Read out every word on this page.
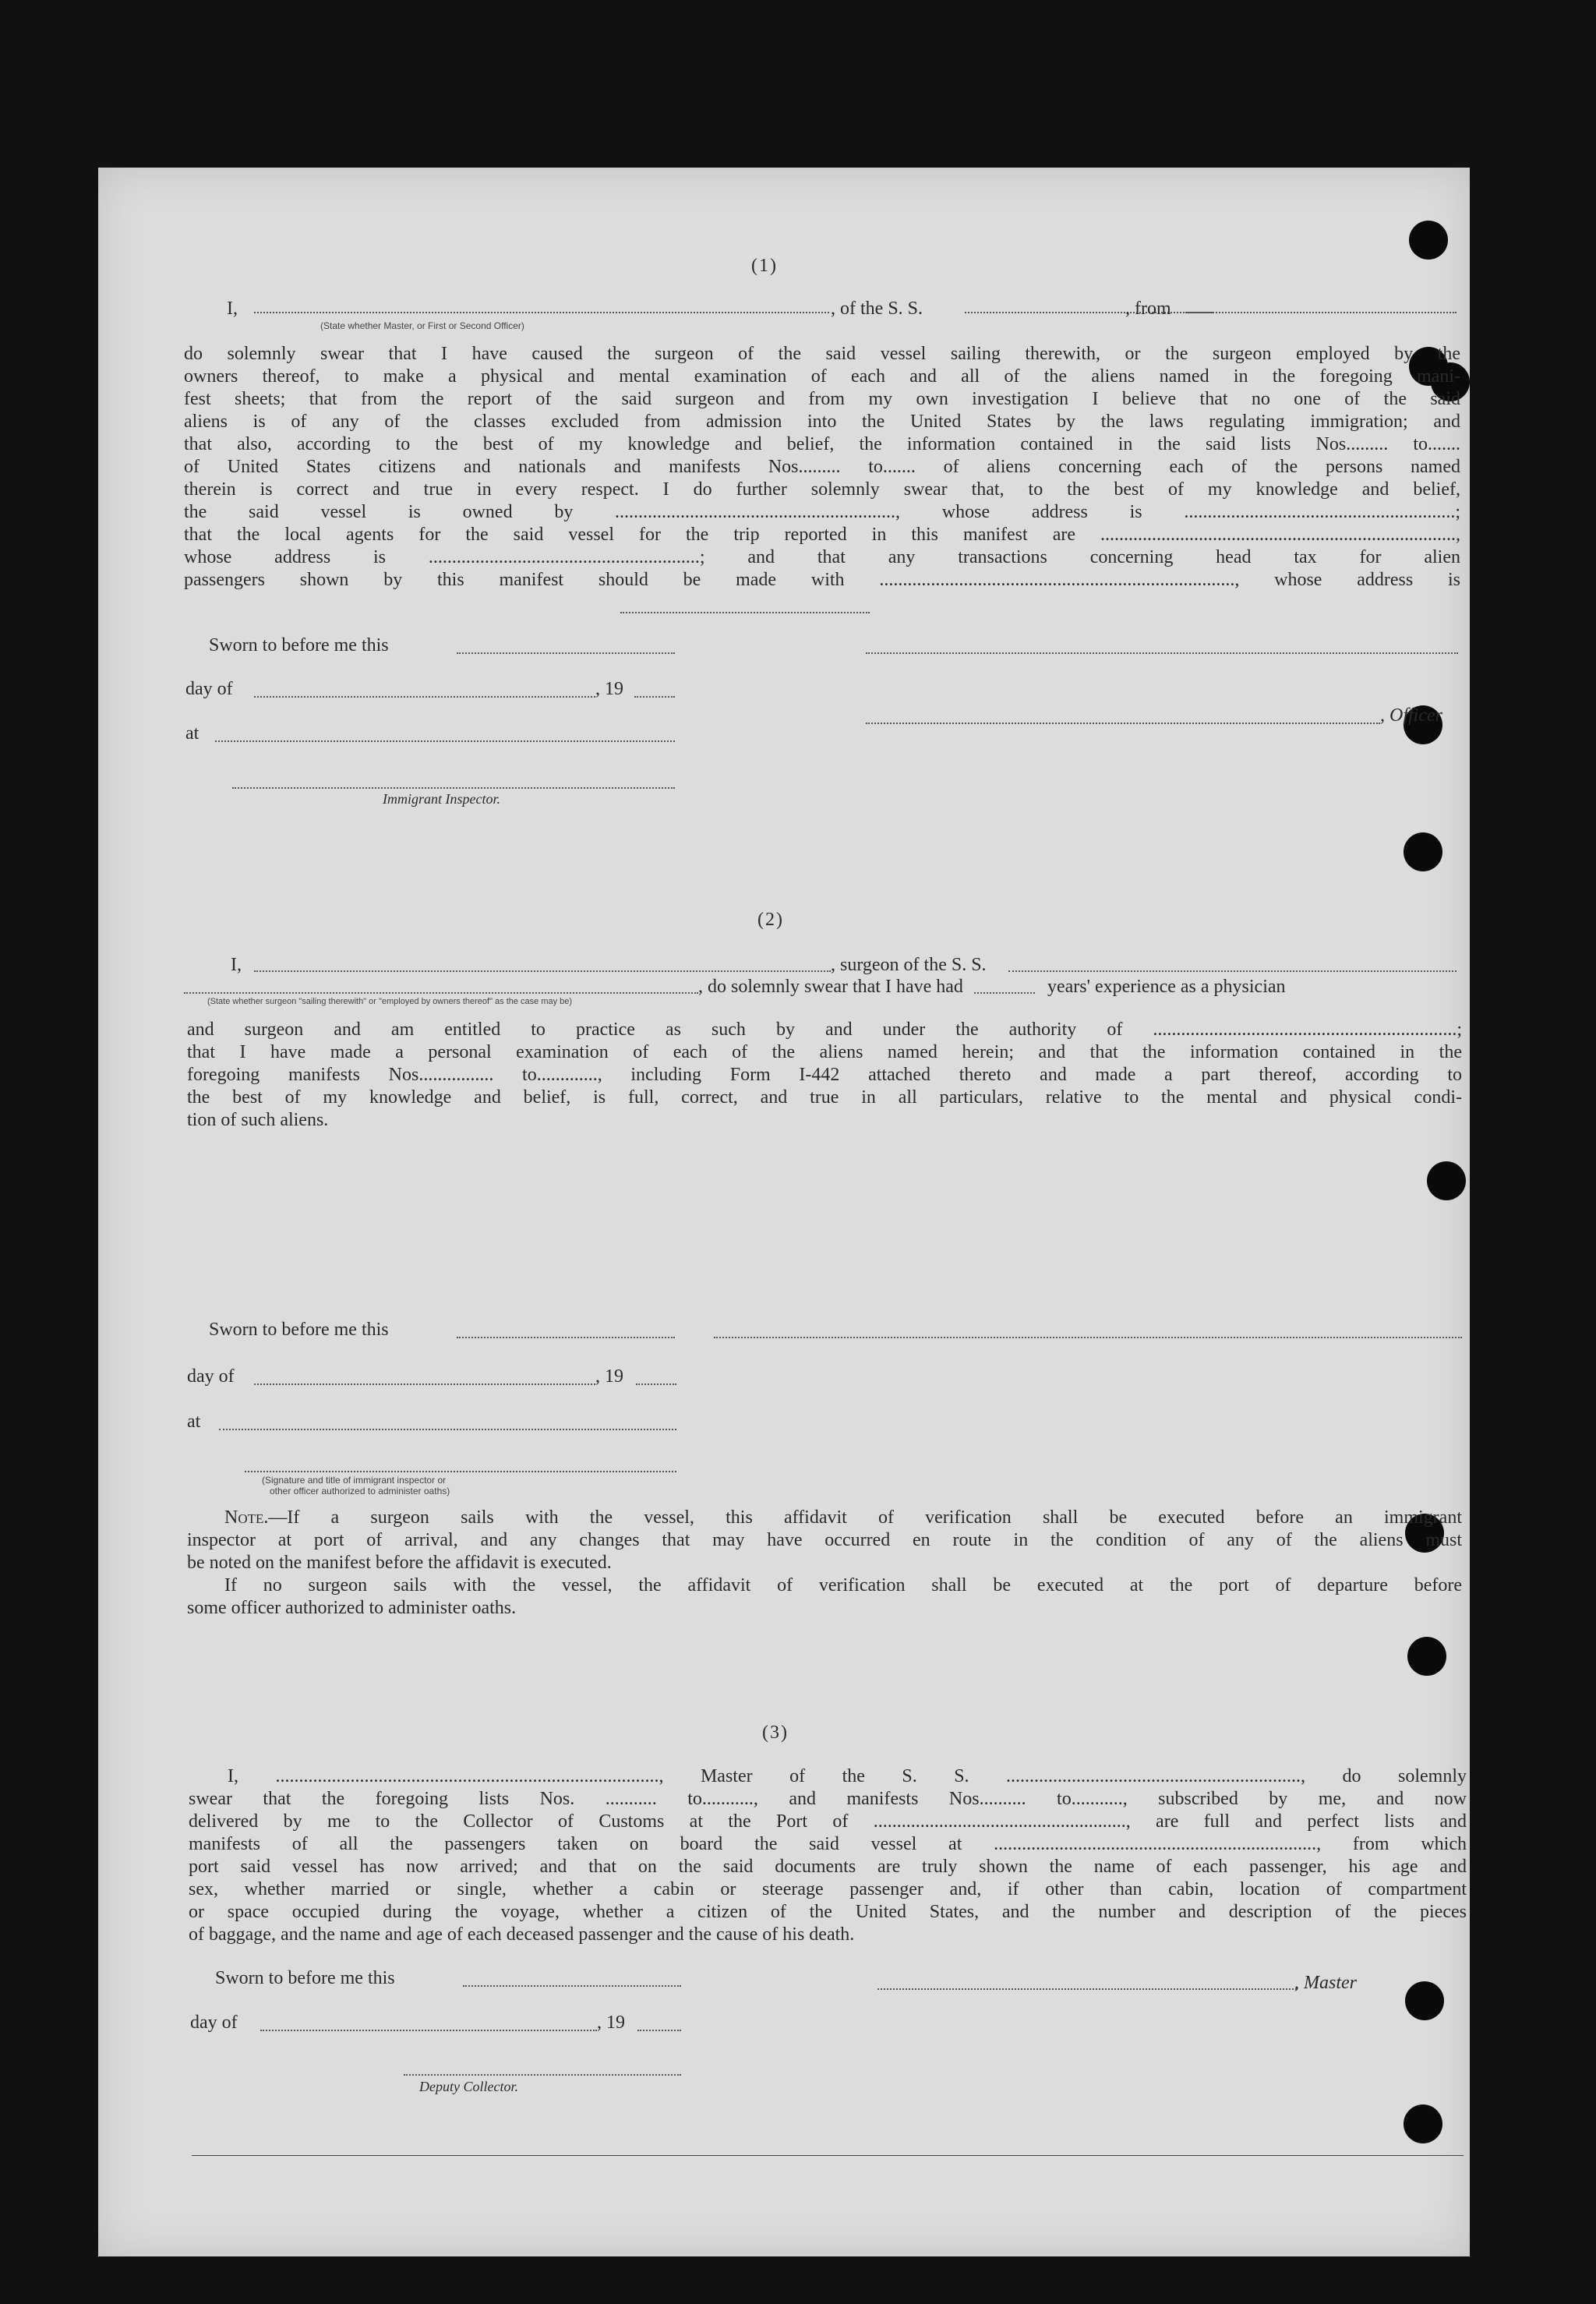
(1)
I,	, of the S. S.	, from
(State whether Master, or First or Second Officer)

do solemnly swear that I have caused the surgeon of the said vessel sailing therewith, or the surgeon employed by the

owners thereof, to make a physical and mental examination of each and all of the aliens named in the foregoing mani-

fest sheets; that from the report of the said surgeon and from my own investigation I believe that no one of the said

aliens is of any of the classes excluded from admission into the United States by the laws regulating immigration; and

that also, according to the best of my knowledge and belief, the information contained in the said lists Nos......... to.......

of United States citizens and nationals and manifests Nos......... to....... of aliens concerning each of the persons named

therein is correct and true in every respect. I do further solemnly swear that, to the best of my knowledge and belief,

the said vessel is owned by ............................................................, whose address is ..........................................................;

that the local agents for the said vessel for the trip reported in this manifest are ............................................................................,

whose address is ..........................................................; and that any transactions concerning head tax for alien

passengers shown by this manifest should be made with ............................................................................, whose address is

Sworn to before me this
day of	, 19
, Officer
at
Immigrant Inspector.
(2)
I,	, surgeon of the S. S.
, do solemnly swear that I have had	years' experience as a physician
(State whether surgeon "sailing therewith" or "employed by owners thereof" as the case may be)

and surgeon and am entitled to practice as such by and under the authority of .................................................................;

that I have made a personal examination of each of the aliens named herein; and that the information contained in the

foregoing manifests Nos................ to............., including Form I-442 attached thereto and made a part thereof, according to

the best of my knowledge and belief, is full, correct, and true in all particulars, relative to the mental and physical condi-

tion of such aliens.

Sworn to before me this
day of	, 19
at
(Signature and title of immigrant inspector or
other officer authorized to administer oaths)

Note.—If a surgeon sails with the vessel, this affidavit of verification shall be executed before an immigrant

inspector at port of arrival, and any changes that may have occurred en route in the condition of any of the aliens must

be noted on the manifest before the affidavit is executed.

If no surgeon sails with the vessel, the affidavit of verification shall be executed at the port of departure before

some officer authorized to administer oaths.

(3)

I, .................................................................................., Master of the S. S. ..............................................................., do solemnly

swear that the foregoing lists Nos. ........... to..........., and manifests Nos.......... to..........., subscribed by me, and now

delivered by me to the Collector of Customs at the Port of ......................................................, are full and perfect lists and

manifests of all the passengers taken on board the said vessel at ....................................................................., from which

port said vessel has now arrived; and that on the said documents are truly shown the name of each passenger, his age and

sex, whether married or single, whether a cabin or steerage passenger and, if other than cabin, location of compartment

or space occupied during the voyage, whether a citizen of the United States, and the number and description of the pieces

of baggage, and the name and age of each deceased passenger and the cause of his death.

Sworn to before me this	, Master
day of	, 19
Deputy Collector.
